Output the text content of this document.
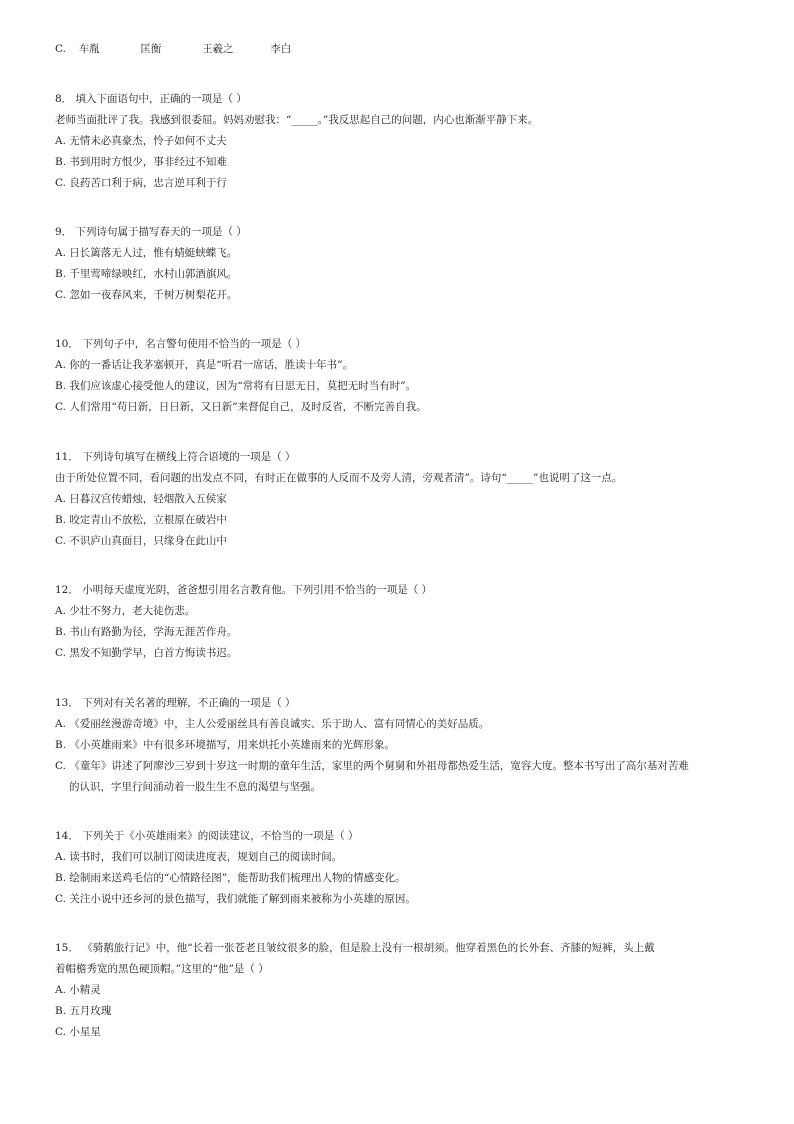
C. 车胤	匡衡	王羲之	李白
8． 填入下面语句中，正确的一项是（ ）
老师当面批评了我。我感到很委屈。妈妈劝慰我：“_____。”我反思起自己的问题，内心也渐渐平静下来。
A. 无情未必真豪杰，怜子如何不丈夫
B. 书到用时方恨少，事非经过不知难
C. 良药苦口利于病，忠言逆耳利于行
9． 下列诗句属于描写春天的一项是（ ）
A. 日长篱落无人过，惟有蜻蜓蛱蝶飞。
B. 千里莺啼绿映红，水村山郭酒旗风。
C. 忽如一夜春风来，千树万树梨花开。
10． 下列句子中，名言警句使用不恰当的一项是（ ）
A. 你的一番话让我茅塞顿开，真是“听君一席话，胜读十年书”。
B. 我们应该虚心接受他人的建议，因为“常将有日思无日，莫把无时当有时”。
C. 人们常用“苟日新，日日新，又日新”来督促自己，及时反省，不断完善自我。
11． 下列诗句填写在横线上符合语境的一项是（ ）
由于所处位置不同，看问题的出发点不同，有时正在做事的人反而不及旁人清，旁观者清”。诗句“_____”也说明了这一点。
A. 日暮汉宫传蜡烛，轻烟散入五侯家
B. 咬定青山不放松，立根原在破岩中
C. 不识庐山真面目，只缘身在此山中
12． 小明每天虚度光阴，爸爸想引用名言教育他。下列引用不恰当的一项是（ ）
A. 少壮不努力，老大徒伤悲。
B. 书山有路勤为径，学海无涯苦作舟。
C. 黑发不知勤学早，白首方悔读书迟。
13． 下列对有关名著的理解，不正确的一项是（ ）
A. 《爱丽丝漫游奇境》中，主人公爱丽丝具有善良诚实、乐于助人、富有同情心的美好品质。
B. 《小英雄雨来》中有很多环境描写，用来烘托小英雄雨来的光辉形象。
C. 《童年》讲述了阿廖沙三岁到十岁这一时期的童年生活，家里的两个舅舅和外祖母都热爱生活，宽容大度。整本书写出了高尔基对苦难
的认识，字里行间涌动着一股生生不息的渴望与坚强。
14． 下列关于《小英雄雨来》的阅读建议，不恰当的一项是（ ）
A. 读书时，我们可以制订阅读进度表，规划自己的阅读时间。
B. 绘制雨来送鸡毛信的“心情路径图”，能帮助我们梳理出人物的情感变化。
C. 关注小说中还乡河的景色描写，我们就能了解到雨来被称为小英雄的原因。
15． 《骑鹅旅行记》中，他“长着一张苍老且皱纹很多的脸，但是脸上没有一根胡须。他穿着黑色的长外套、齐膝的短裤，头上戴
着帽檐秀宽的黑色硬顶帽。”这里的“他”是（ ）
A. 小精灵
B. 五月玫瑰
C. 小星星
